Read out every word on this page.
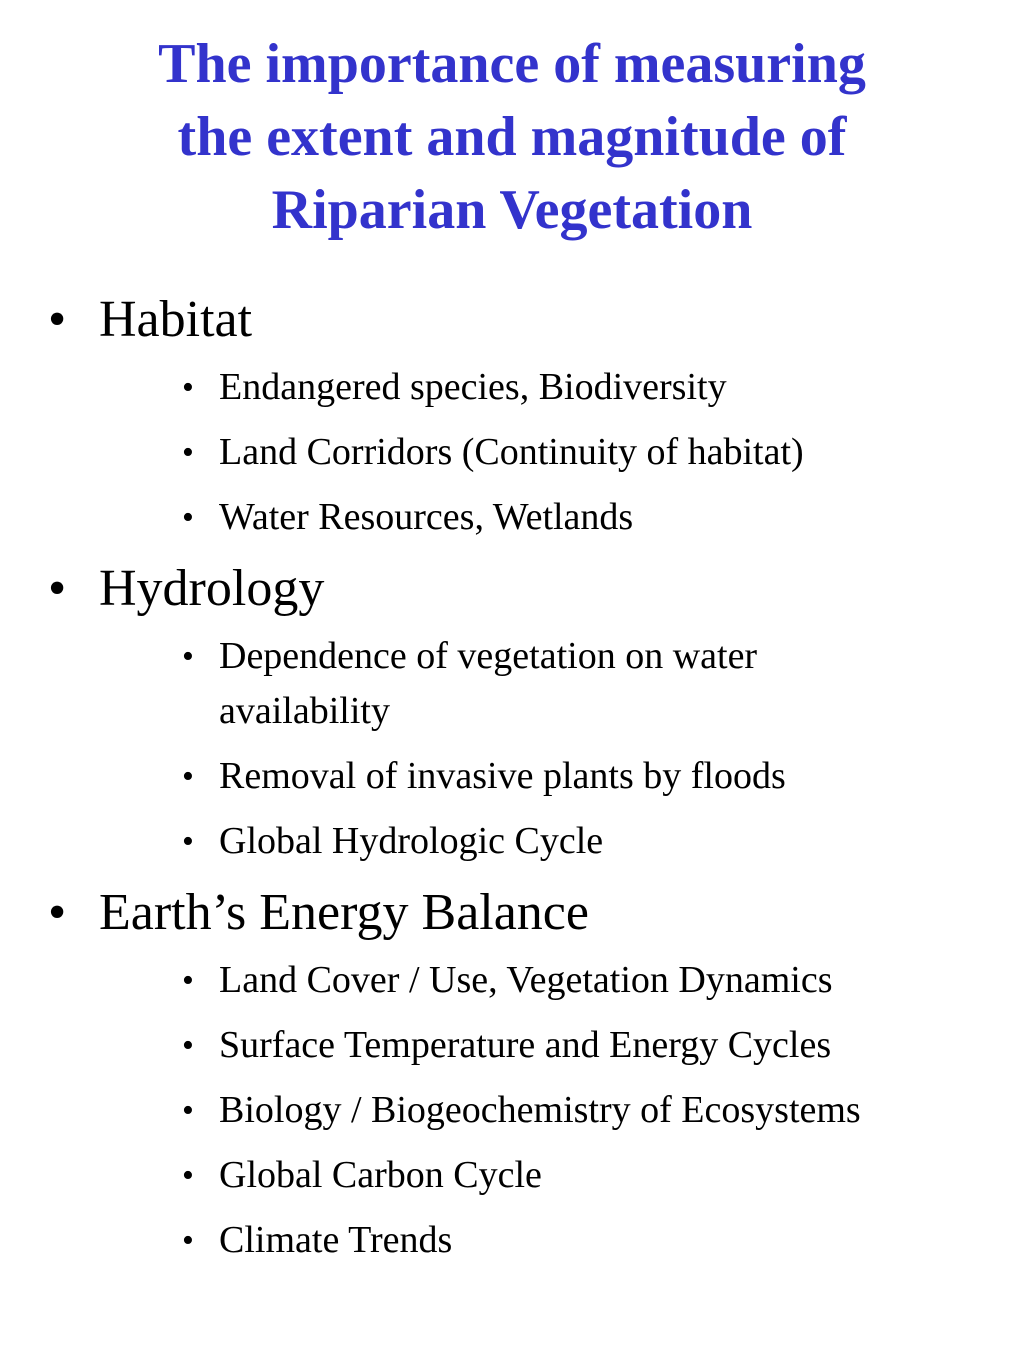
The importance of measuring
the extent and magnitude of
Riparian Vegetation
• Habitat
• Endangered species, Biodiversity
• Land Corridors (Continuity of habitat)
• Water Resources, Wetlands
• Hydrology
• Dependence of vegetation on water availability
• Removal of invasive plants by floods
• Global Hydrologic Cycle
• Earth’s Energy Balance
• Land Cover / Use, Vegetation Dynamics
• Surface Temperature and Energy Cycles
• Biology / Biogeochemistry of Ecosystems
• Global Carbon Cycle
• Climate Trends
